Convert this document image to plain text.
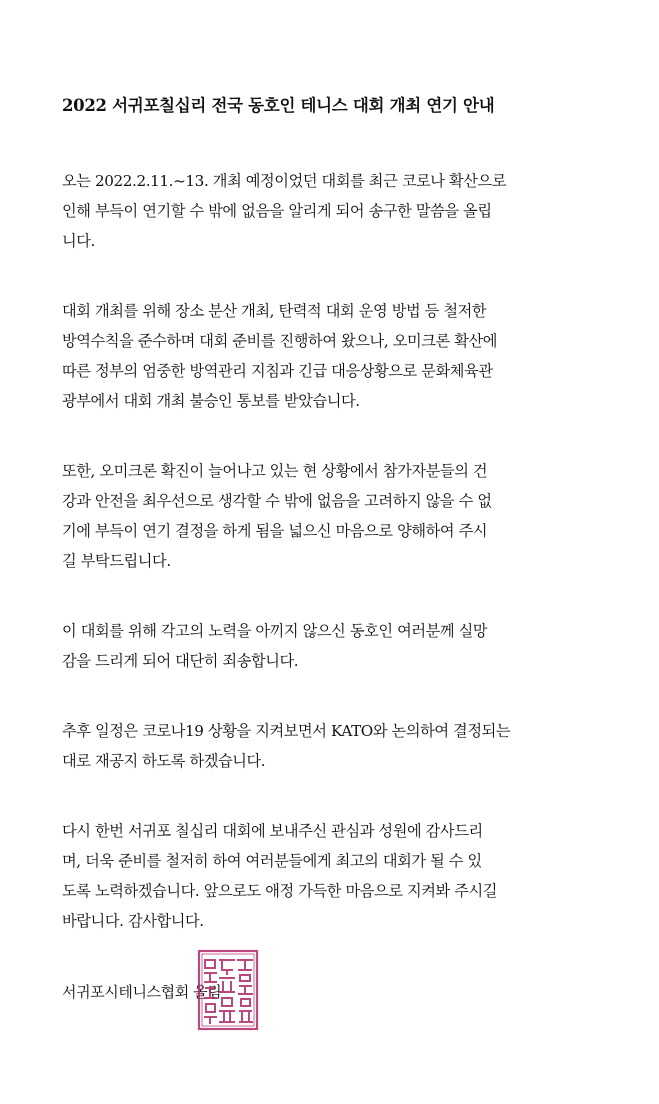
2022 서귀포칠십리 전국 동호인 테니스 대회 개최 연기 안내

오는 2022.2.11.~13. 개최 예정이었던 대회를 최근 코로나 확산으로
인해 부득이 연기할 수 밖에 없음을 알리게 되어 송구한 말씀을 올립
니다.

대회 개최를 위해 장소 분산 개최, 탄력적 대회 운영 방법 등 철저한
방역수칙을 준수하며 대회 준비를 진행하여 왔으나, 오미크론 확산에
따른 정부의 엄중한 방역관리 지침과 긴급 대응상황으로 문화체육관
광부에서 대회 개최 불승인 통보를 받았습니다.

또한, 오미크론 확진이 늘어나고 있는 현 상황에서 참가자분들의 건
강과 안전을 최우선으로 생각할 수 밖에 없음을 고려하지 않을 수 없
기에 부득이 연기 결정을 하게 됨을 넓으신 마음으로 양해하여 주시
길 부탁드립니다.

이 대회를 위해 각고의 노력을 아끼지 않으신 동호인 여러분께 실망
감을 드리게 되어 대단히 죄송합니다.

추후 일정은 코로나19 상황을 지켜보면서 KATO와 논의하여 결정되는
대로 재공지 하도록 하겠습니다.

다시 한번 서귀포 칠십리 대회에 보내주신 관심과 성원에 감사드리
며, 더욱 준비를 철저히 하여 여러분들에게 최고의 대회가 될 수 있
도록 노력하겠습니다. 앞으로도 애정 가득한 마음으로 지켜봐 주시길
바랍니다. 감사합니다.

서귀포시테니스협회 올림
